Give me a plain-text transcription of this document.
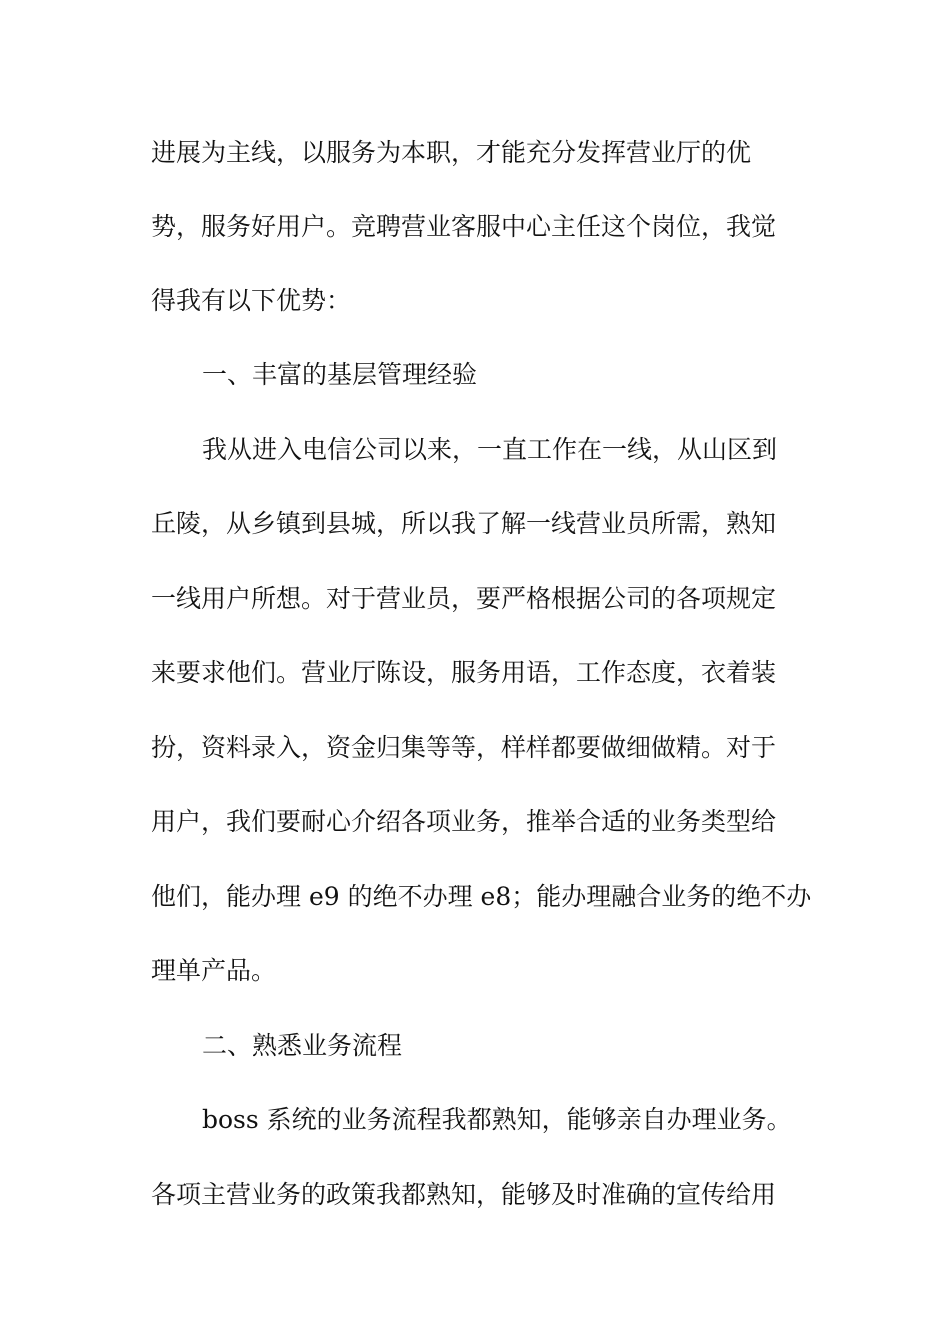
进展为主线，以服务为本职，才能充分发挥营业厅的优

势，服务好用户。竞聘营业客服中心主任这个岗位，我觉

得我有以下优势：

一、丰富的基层管理经验

我从进入电信公司以来，一直工作在一线，从山区到

丘陵，从乡镇到县城，所以我了解一线营业员所需，熟知

一线用户所想。对于营业员，要严格根据公司的各项规定

来要求他们。营业厅陈设，服务用语，工作态度，衣着装

扮，资料录入，资金归集等等，样样都要做细做精。对于

用户，我们要耐心介绍各项业务，推举合适的业务类型给

他们，能办理 e9 的绝不办理 e8；能办理融合业务的绝不办

理单产品。

二、熟悉业务流程

boss 系统的业务流程我都熟知，能够亲自办理业务。

各项主营业务的政策我都熟知，能够及时准确的宣传给用
